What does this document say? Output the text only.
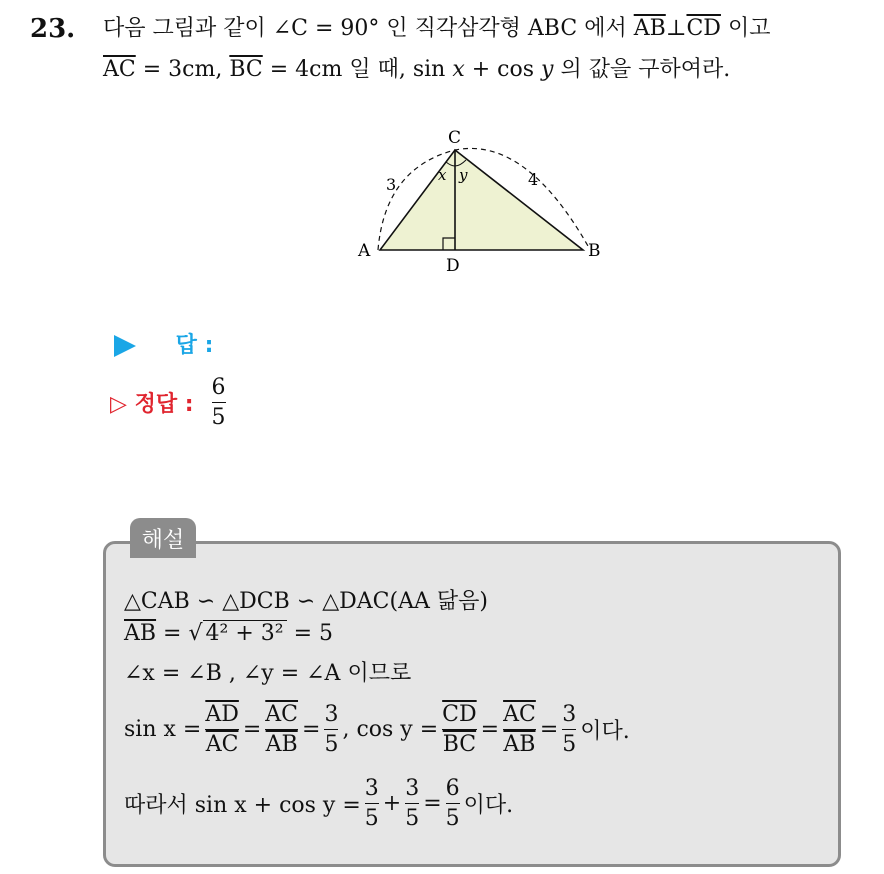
23. 다음 그림과 같이 ∠C = 90° 인 직각삼각형 ABC 에서 $\overline{AB}\perp\overline{CD}$ 이고
$\overline{AC} = 3cm$, $\overline{BC} = 4cm$ 일 때, sin x + cos y 의 값을 구하여라.
C
A	B
D
3	4
x y
답 :
▷ 정답 : $\frac{6}{5}$
해설
△CAB ∽ △DCB ∽ △DAC(AA 닮음)
$\overline{AB}$ = √ 4² + 3² = 5
∠x = ∠B , ∠y = ∠A 이므로
$\sin x = \frac{\overline{AD}}{AC} = \frac{\overline{AC}}{AB}$ =
3
5
, $\cos y = \frac{\overline{CD}}{BC} = \frac{\overline{AC}}{AB}$ =
3
5
이다.
따라서 sin x + cos y =
3
5
+
3
5
=
6
5
이다.
